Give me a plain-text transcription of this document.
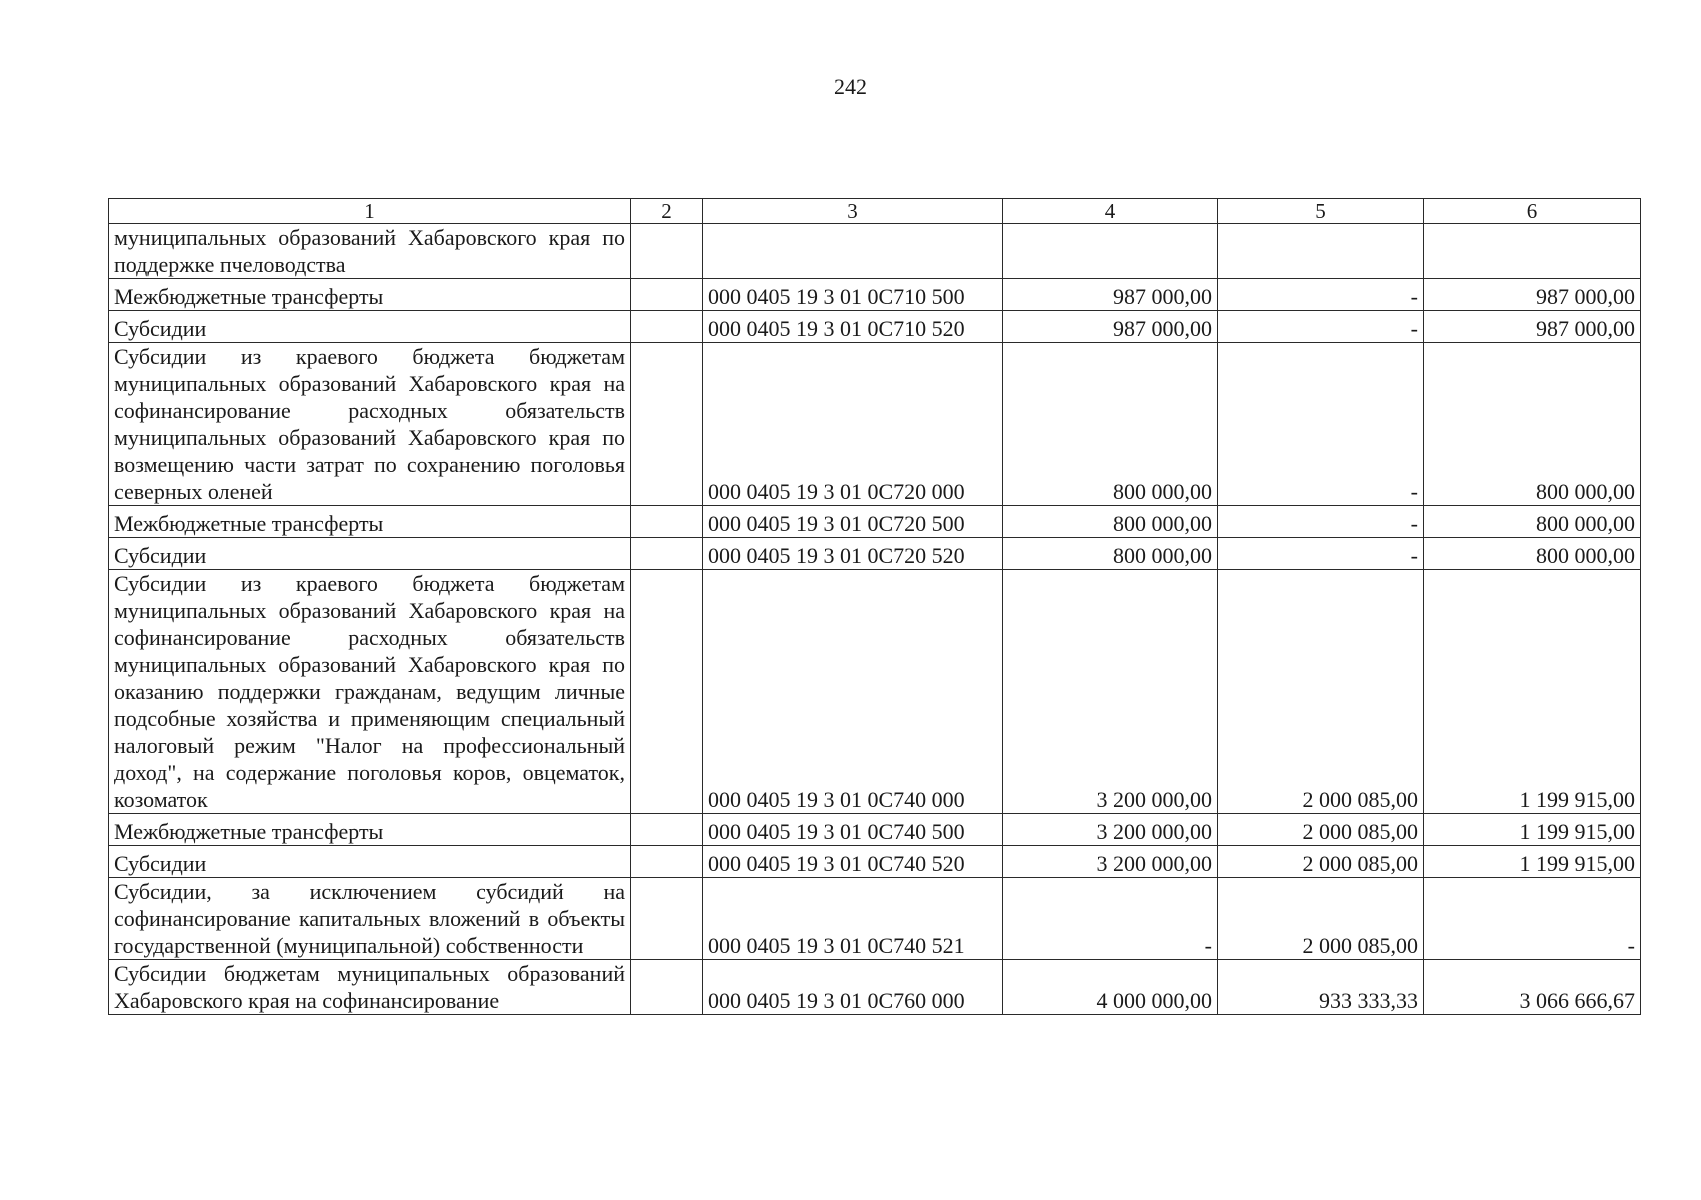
242
1	2	3	4	5	6
муниципальных образований Хабаровского края по поддержке пчеловодства					
Межбюджетные трансферты		000 0405 19 3 01 0С710 500	987 000,00	-	987 000,00
Субсидии		000 0405 19 3 01 0С710 520	987 000,00	-	987 000,00
Субсидии из краевого бюджета бюджетам муниципальных образований Хабаровского края на софинансирование расходных обязательств муниципальных образований Хабаровского края по возмещению части затрат по сохранению поголовья северных оленей		000 0405 19 3 01 0С720 000	800 000,00	-	800 000,00
Межбюджетные трансферты		000 0405 19 3 01 0С720 500	800 000,00	-	800 000,00
Субсидии		000 0405 19 3 01 0С720 520	800 000,00	-	800 000,00
Субсидии из краевого бюджета бюджетам муниципальных образований Хабаровского края на софинансирование расходных обязательств муниципальных образований Хабаровского края по оказанию поддержки гражданам, ведущим личные подсобные хозяйства и применяющим специальный налоговый режим "Налог на профессиональный доход", на содержание поголовья коров, овцематок, козоматок		000 0405 19 3 01 0С740 000	3 200 000,00	2 000 085,00	1 199 915,00
Межбюджетные трансферты		000 0405 19 3 01 0С740 500	3 200 000,00	2 000 085,00	1 199 915,00
Субсидии		000 0405 19 3 01 0С740 520	3 200 000,00	2 000 085,00	1 199 915,00
Субсидии, за исключением субсидий на софинансирование капитальных вложений в объекты государственной (муниципальной) собственности		000 0405 19 3 01 0С740 521	-	2 000 085,00	-
Субсидии бюджетам муниципальных образований Хабаровского края на софинансирование		000 0405 19 3 01 0С760 000	4 000 000,00	933 333,33	3 066 666,67
